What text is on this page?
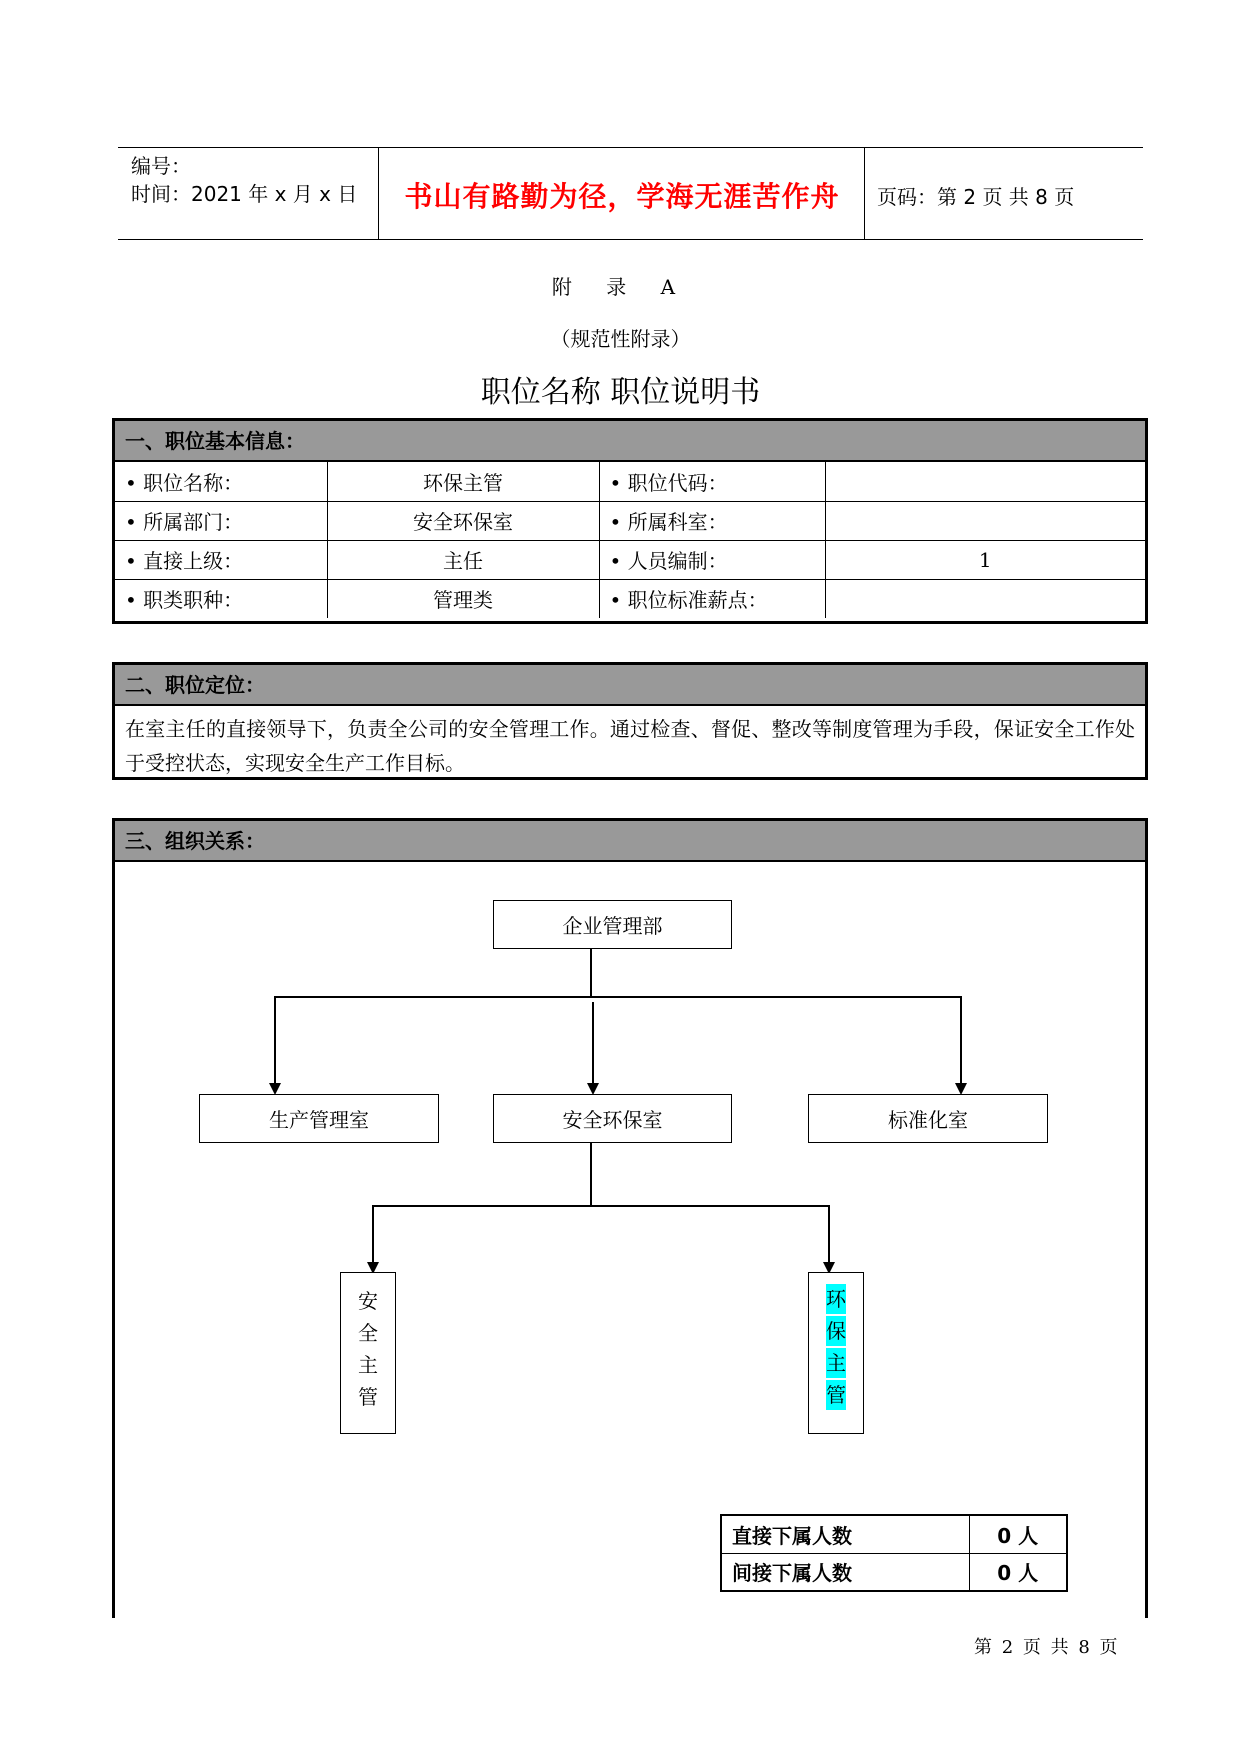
编号：
时间：2021 年 x 月 x 日	书山有路勤为径，学海无涯苦作舟	页码：第 2 页 共 8 页
附 录 A
（规范性附录）
职位名称 职位说明书
一、职位基本信息：
• 职位名称：	环保主管	• 职位代码：	
• 所属部门：	安全环保室	• 所属科室：	
• 直接上级：	主任	• 人员编制：	1
• 职类职种：	管理类	• 职位标准薪点：	
二、职位定位：
在室主任的直接领导下，负责全公司的安全管理工作。通过检查、督促、整改等制度管理为手段，保证安全工作处于受控状态，实现安全生产工作目标。
三、组织关系：
企业管理部
生产管理室	安全环保室	标准化室
安
全
主
管
环
保
主
管
直接下属人数	0 人
间接下属人数	0 人
第 2 页 共 8 页
